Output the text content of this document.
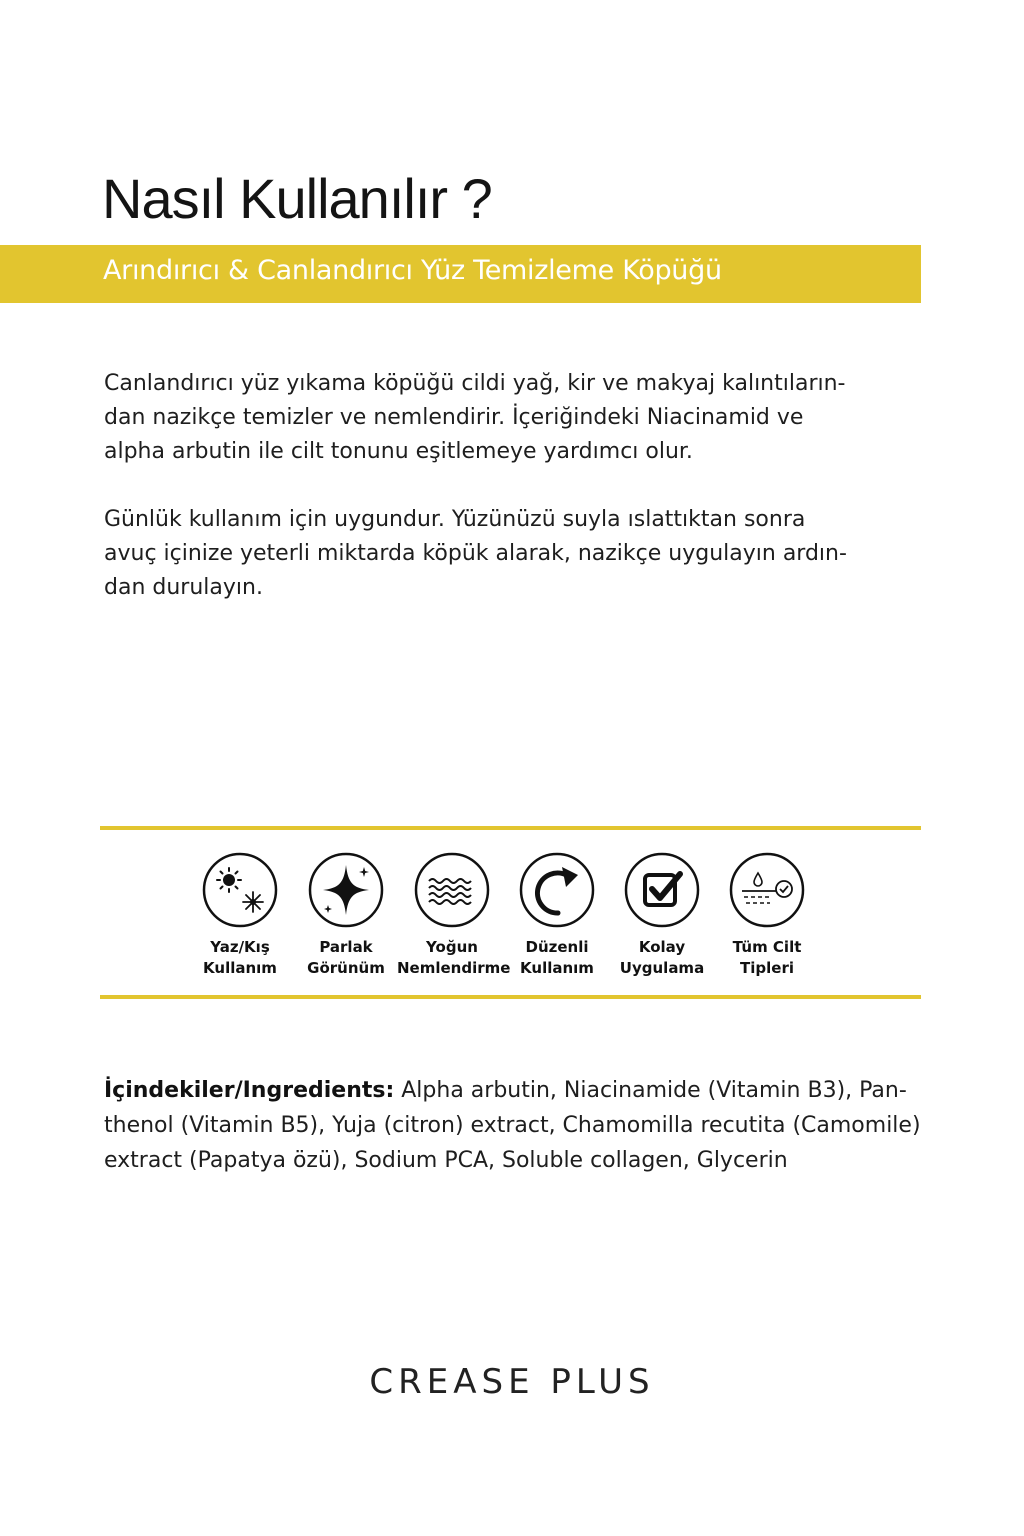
Nasıl Kullanılır ?
Arındırıcı & Canlandırıcı Yüz Temizleme Köpüğü

Canlandırıcı yüz yıkama köpüğü cildi yağ, kir ve makyaj kalıntıların-
dan nazikçe temizler ve nemlendirir. İçeriğindeki Niacinamid ve
alpha arbutin ile cilt tonunu eşitlemeye yardımcı olur.

Günlük kullanım için uygundur. Yüzünüzü suyla ıslattıktan sonra
avuç içinize yeterli miktarda köpük alarak, nazikçe uygulayın ardın-
dan durulayın.

Yaz/Kış
Kullanım
Parlak
Görünüm
Yoğun
Nemlendirme
Düzenli
Kullanım
Kolay
Uygulama
Tüm Cilt
Tipleri

İçindekiler/Ingredients: Alpha arbutin, Niacinamide (Vitamin B3), Pan-
thenol (Vitamin B5), Yuja (citron) extract, Chamomilla recutita (Camomile)
extract (Papatya özü), Sodium PCA, Soluble collagen, Glycerin

CREASE PLUS
